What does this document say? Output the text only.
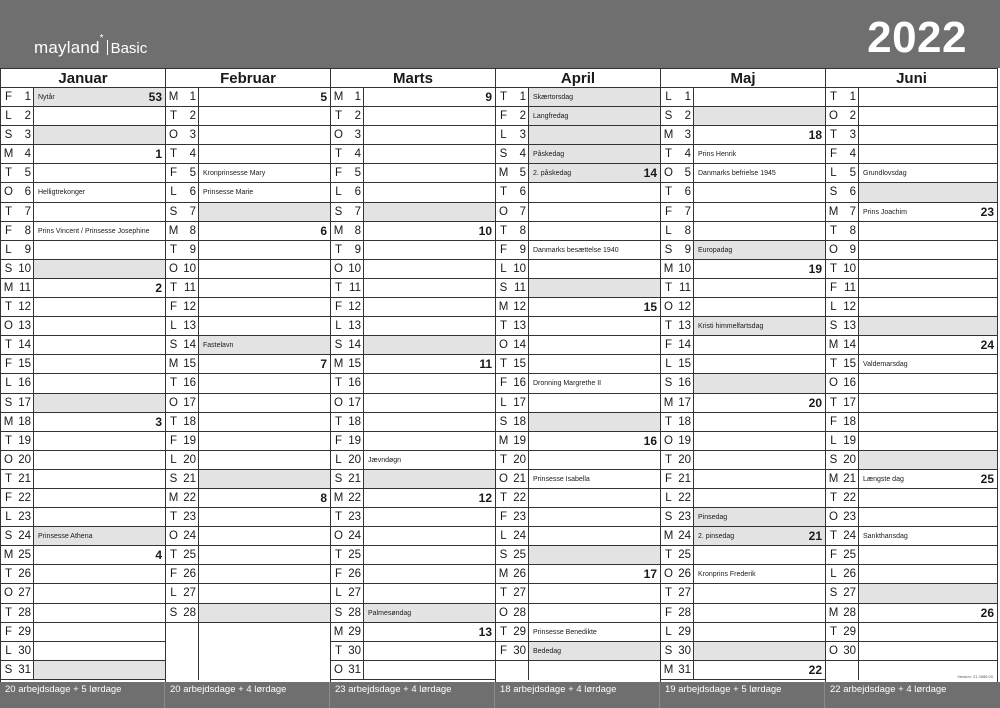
mayland *
Basic	2022
Januar
F	1 Nytår	53
L	2
S	3
M 4	1
T	5
O	6 Helligtrekonger
T	7
F	8 Prins Vincent / Prinsesse Josephine
L	9
S 10
M 11	2
T 12
O 13
T 14
F 15
L 16
S 17
M 18	3
T 19
O 20
T 21
F 22
L 23
S 24 Prinsesse Athena
M 25	4
T 26
O 27
T 28
F 29
L 30
S 31
Februar
M 1	5
T	2
O	3
T	4
F	5 Kronprinsesse Mary
L	6 Prinsesse Marie
S	7
M 8	6
T	9
O 10
T 11
F 12
L 13
S 14 Fastelavn
M 15	7
T 16
O 17
T 18
F 19
L 20
S 21
M 22	8
T 23
O 24
T 25
F 26
L 27
S 28
Marts
M 1	9
T	2
O	3
T	4
F	5
L	6
S	7
M 8	10
T	9
O 10
T 11
F 12
L 13
S 14
M 15	11
T 16
O 17
T 18
F 19
L 20 Jævndøgn
S 21
M 22	12
T 23
O 24
T 25
F 26
L 27
S 28 Palmesøndag
M 29	13
T 30
O 31
April
T	1 Skærtorsdag
F	2 Langfredag
L	3
S	4 Påskedag
M 5 2. påskedag	14
T	6
O	7
T	8
F	9 Danmarks besættelse 1940
L 10
S 11
M 12	15
T 13
O 14
T 15
F 16 Dronning Margrethe II
L 17
S 18
M 19	16
T 20
O 21 Prinsesse Isabella
T 22
F 23
L 24
S 25
M 26	17
T 27
O 28
T 29 Prinsesse Benedikte
F 30 Bededag
Maj
L	1
S	2
M 3	18
T	4 Prins Henrik
O	5 Danmarks befrielse 1945
T	6
F	7
L	8
S	9 Europadag
M 10	19
T 11
O 12
T 13 Kristi himmelfartsdag
F 14
L 15
S 16
M 17	20
T 18
O 19
T 20
F 21
L 22
S 23 Pinsedag
M 24 2. pinsedag	21
T 25
O 26 Kronprins Frederik
T 27
F 28
L 29
S 30
M 31	22
Juni
T	1
O	2
T	3
F	4
L	5 Grundlovsdag
S	6
M 7 Prins Joachim	23
T	8
O	9
T 10
F 11
L 12
S 13
M 14	24
T 15 Valdemarsdag
O 16
T 17
F 18
L 19
S 20
M 21 Længste dag	25
T 22
O 23
T 24 Sankthansdag
F 25
L 26
S 27
M 28	26
T 29
O 30
Version: 21 2688 00
20 arbejdsdage + 5 lørdage	20 arbejdsdage + 4 lørdage	23 arbejdsdage + 4 lørdage	18 arbejdsdage + 4 lørdage	19 arbejdsdage + 5 lørdage	22 arbejdsdage + 4 lørdage
